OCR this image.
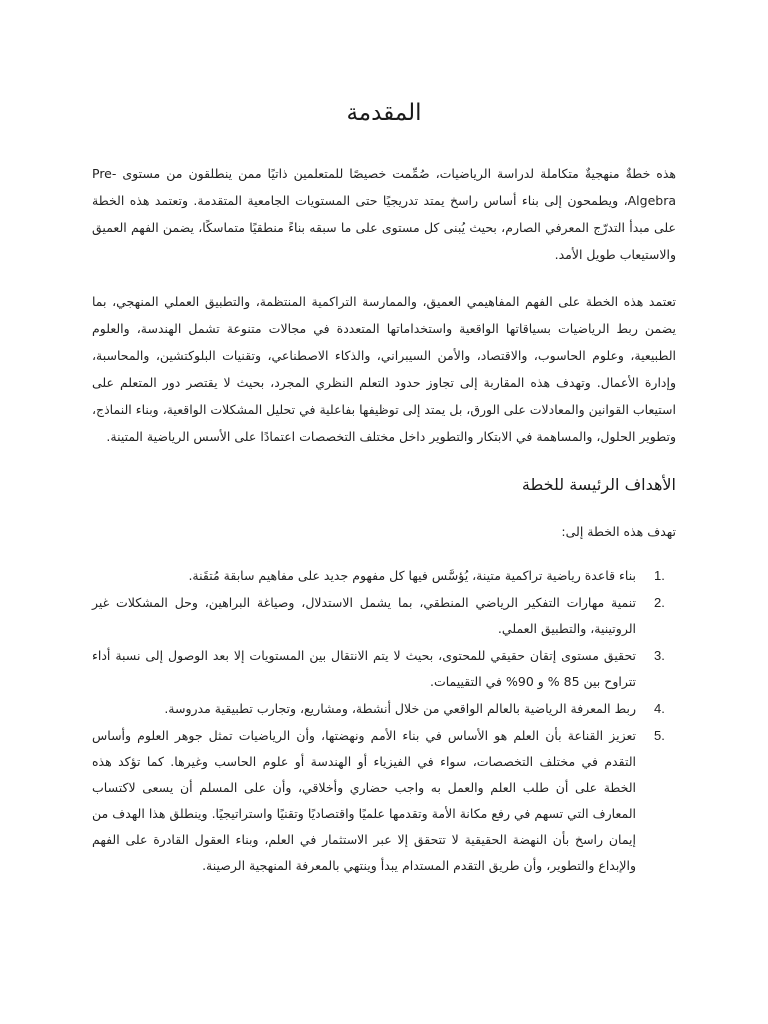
المقدمة

هذه خطةٌ منهجيةٌ متكاملة لدراسة الرياضيات، صُمِّمت خصيصًا للمتعلمين ذاتيًا ممن ينطلقون من مستوى Pre-Algebra، ويطمحون إلى بناء أساس راسخ يمتد تدريجيًا حتى المستويات الجامعية المتقدمة. وتعتمد هذه الخطة على مبدأ التدرّج المعرفي الصارم، بحيث يُبنى كل مستوى على ما سبقه بناءً منطقيًا متماسكًا، يضمن الفهم العميق والاستيعاب طويل الأمد.

تعتمد هذه الخطة على الفهم المفاهيمي العميق، والممارسة التراكمية المنتظمة، والتطبيق العملي المنهجي، بما يضمن ربط الرياضيات بسياقاتها الواقعية واستخداماتها المتعددة في مجالات متنوعة تشمل الهندسة، والعلوم الطبيعية، وعلوم الحاسوب، والاقتصاد، والأمن السيبراني، والذكاء الاصطناعي، وتقنيات البلوكتشين، والمحاسبة، وإدارة الأعمال. وتهدف هذه المقاربة إلى تجاوز حدود التعلم النظري المجرد، بحيث لا يقتصر دور المتعلم على استيعاب القوانين والمعادلات على الورق، بل يمتد إلى توظيفها بفاعلية في تحليل المشكلات الواقعية، وبناء النماذج، وتطوير الحلول، والمساهمة في الابتكار والتطوير داخل مختلف التخصصات اعتمادًا على الأسس الرياضية المتينة.

الأهداف الرئيسة للخطة

تهدف هذه الخطة إلى:

1.
بناء قاعدة رياضية تراكمية متينة، يُؤسَّس فيها كل مفهوم جديد على مفاهيم سابقة مُتقَنة.
2.
تنمية مهارات التفكير الرياضي المنطقي، بما يشمل الاستدلال، وصياغة البراهين، وحل المشكلات غير الروتينية، والتطبيق العملي.
3.
تحقيق مستوى إتقان حقيقي للمحتوى، بحيث لا يتم الانتقال بين المستويات إلا بعد الوصول إلى نسبة أداء تتراوح بين 85 % و 90% في التقييمات.
4.
ربط المعرفة الرياضية بالعالم الواقعي من خلال أنشطة، ومشاريع، وتجارب تطبيقية مدروسة.
5.
تعزيز القناعة بأن العلم هو الأساس في بناء الأمم ونهضتها، وأن الرياضيات تمثل جوهر العلوم وأساس التقدم في مختلف التخصصات، سواء في الفيزياء أو الهندسة أو علوم الحاسب وغيرها. كما تؤكد هذه الخطة على أن طلب العلم والعمل به واجب حضاري وأخلاقي، وأن على المسلم أن يسعى لاكتساب المعارف التي تسهم في رفع مكانة الأمة وتقدمها علميًا واقتصاديًا وتقنيًا واستراتيجيًا. وينطلق هذا الهدف من إيمان راسخ بأن النهضة الحقيقية لا تتحقق إلا عبر الاستثمار في العلم، وبناء العقول القادرة على الفهم والإبداع والتطوير، وأن طريق التقدم المستدام يبدأ وينتهي بالمعرفة المنهجية الرصينة.
